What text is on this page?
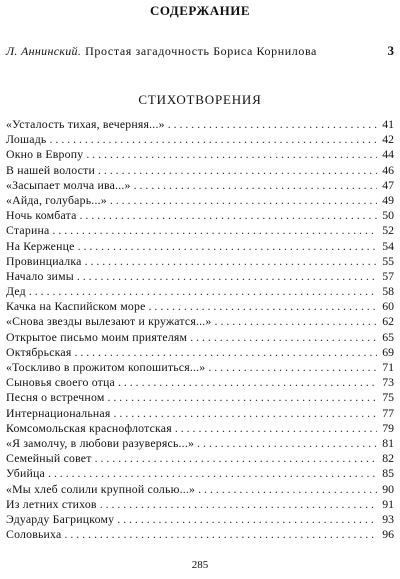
СОДЕРЖАНИЕ
Л. Аннинский. Простая загадочность Бориса Корнилова	3
СТИХОТВОРЕНИЯ
«Усталость тихая, вечерняя...» . . .	41
Лошадь . . .	42
Окно в Европу . . .	44
В нашей волости . . .	46
«Засыпает молча ива...» . . .	47
«Айда, голубарь...» . . .	49
Ночь комбата . . .	50
Старина . . .	52
На Керженце . . .	54
Провинциалка . . .	55
Начало зимы . . .	57
Дед . . .	58
Качка на Каспийском море . . .	60
«Снова звезды вылезают и кружатся...» . . .	62
Открытое письмо моим приятелям . . .	65
Октябрьская . . .	69
«Тоскливо в прожитом копошиться...» . . .	71
Сыновья своего отца . . .	73
Песня о встречном . . .	75
Интернациональная . . .	77
Комсомольская краснофлотская . . .	79
«Я замолчу, в любови разуверясь...» . . .	81
Семейный совет . . .	82
Убийца . . .	85
«Мы хлеб солили крупной солью...» . . .	90
Из летних стихов . . .	91
Эдуарду Багрицкому . . .	93
Соловьиха . . .	96
285
